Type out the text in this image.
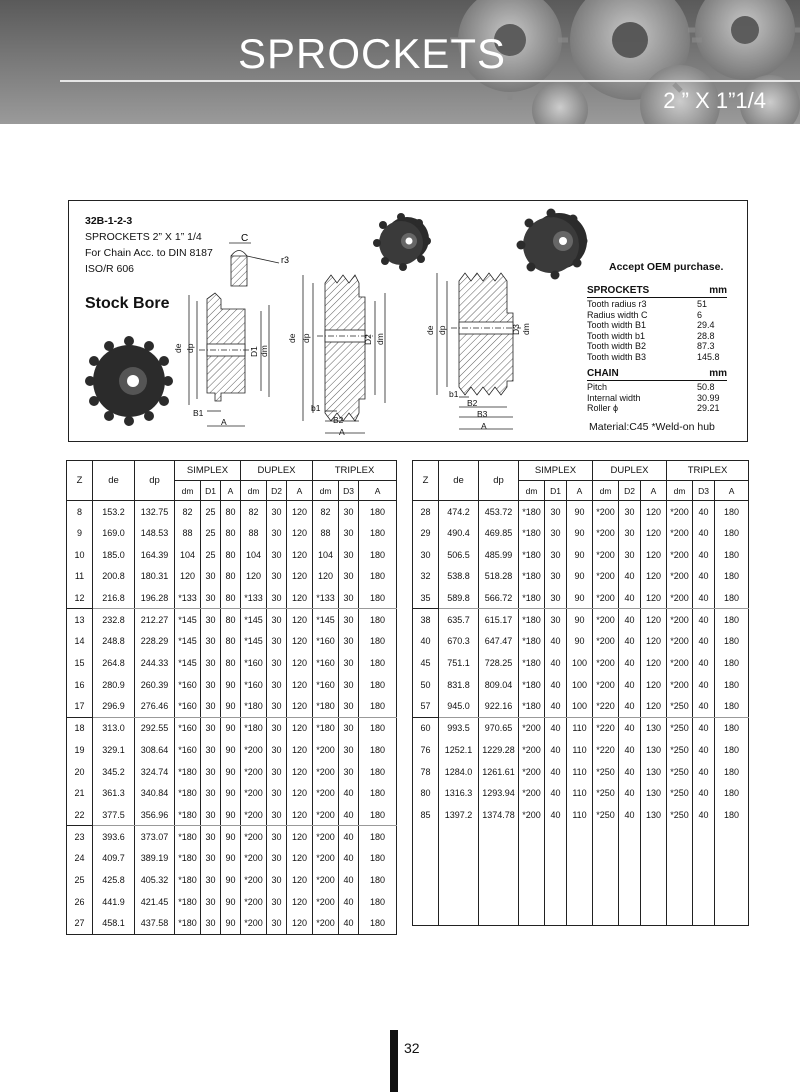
SPROCKETS
2 ” X 1”1/4
32B-1-2-3
SPROCKETS 2” X 1” 1/4
For Chain Acc. to DIN 8187
ISO/R 606
Stock Bore
C
r3
de dp	D1 dm
B1
A
de dp	D2 dm
b1
B2
A
de dp	D3 dm
b1
B2
B3
A
Accept OEM purchase.
SPROCKETS	mm
Tooth radius r3	51
Radius width C	6
Tooth width B1	29.4
Tooth width b1	28.8
Tooth width B2	87.3
Tooth width B3	145.8
CHAIN	mm
Pitch	50.8
Internal width	30.99
Roller ϕ	29.21
Material:C45 *Weld-on hub
Z	de	dp	SIMPLEX			DUPLEX			TRIPLEX		
			dm	D1	A	dm	D2	A	dm	D3	A
8	153.2	132.75	82	25	80	82	30	120	82	30	180
9	169.0	148.53	88	25	80	88	30	120	88	30	180
10	185.0	164.39	104	25	80	104	30	120	104	30	180
11	200.8	180.31	120	30	80	120	30	120	120	30	180
12	216.8	196.28	*133	30	80	*133	30	120	*133	30	180
13	232.8	212.27	*145	30	80	*145	30	120	*145	30	180
14	248.8	228.29	*145	30	80	*145	30	120	*160	30	180
15	264.8	244.33	*145	30	80	*160	30	120	*160	30	180
16	280.9	260.39	*160	30	90	*160	30	120	*160	30	180
17	296.9	276.46	*160	30	90	*180	30	120	*180	30	180
18	313.0	292.55	*160	30	90	*180	30	120	*180	30	180
19	329.1	308.64	*160	30	90	*200	30	120	*200	30	180
20	345.2	324.74	*180	30	90	*200	30	120	*200	30	180
21	361.3	340.84	*180	30	90	*200	30	120	*200	40	180
22	377.5	356.96	*180	30	90	*200	30	120	*200	40	180
23	393.6	373.07	*180	30	90	*200	30	120	*200	40	180
24	409.7	389.19	*180	30	90	*200	30	120	*200	40	180
25	425.8	405.32	*180	30	90	*200	30	120	*200	40	180
26	441.9	421.45	*180	30	90	*200	30	120	*200	40	180
27	458.1	437.58	*180	30	90	*200	30	120	*200	40	180
Z	de	dp	SIMPLEX			DUPLEX			TRIPLEX		
			dm	D1	A	dm	D2	A	dm	D3	A
28	474.2	453.72	*180	30	90	*200	30	120	*200	40	180
29	490.4	469.85	*180	30	90	*200	30	120	*200	40	180
30	506.5	485.99	*180	30	90	*200	30	120	*200	40	180
32	538.8	518.28	*180	30	90	*200	40	120	*200	40	180
35	589.8	566.72	*180	30	90	*200	40	120	*200	40	180
38	635.7	615.17	*180	30	90	*200	40	120	*200	40	180
40	670.3	647.47	*180	40	90	*200	40	120	*200	40	180
45	751.1	728.25	*180	40	100	*200	40	120	*200	40	180
50	831.8	809.04	*180	40	100	*200	40	120	*200	40	180
57	945.0	922.16	*180	40	100	*220	40	120	*250	40	180
60	993.5	970.65	*200	40	110	*220	40	130	*250	40	180
76	1252.1	1229.28	*200	40	110	*220	40	130	*250	40	180
78	1284.0	1261.61	*200	40	110	*250	40	130	*250	40	180
80	1316.3	1293.94	*200	40	110	*250	40	130	*250	40	180
85	1397.2	1374.78	*200	40	110	*250	40	130	*250	40	180

32
